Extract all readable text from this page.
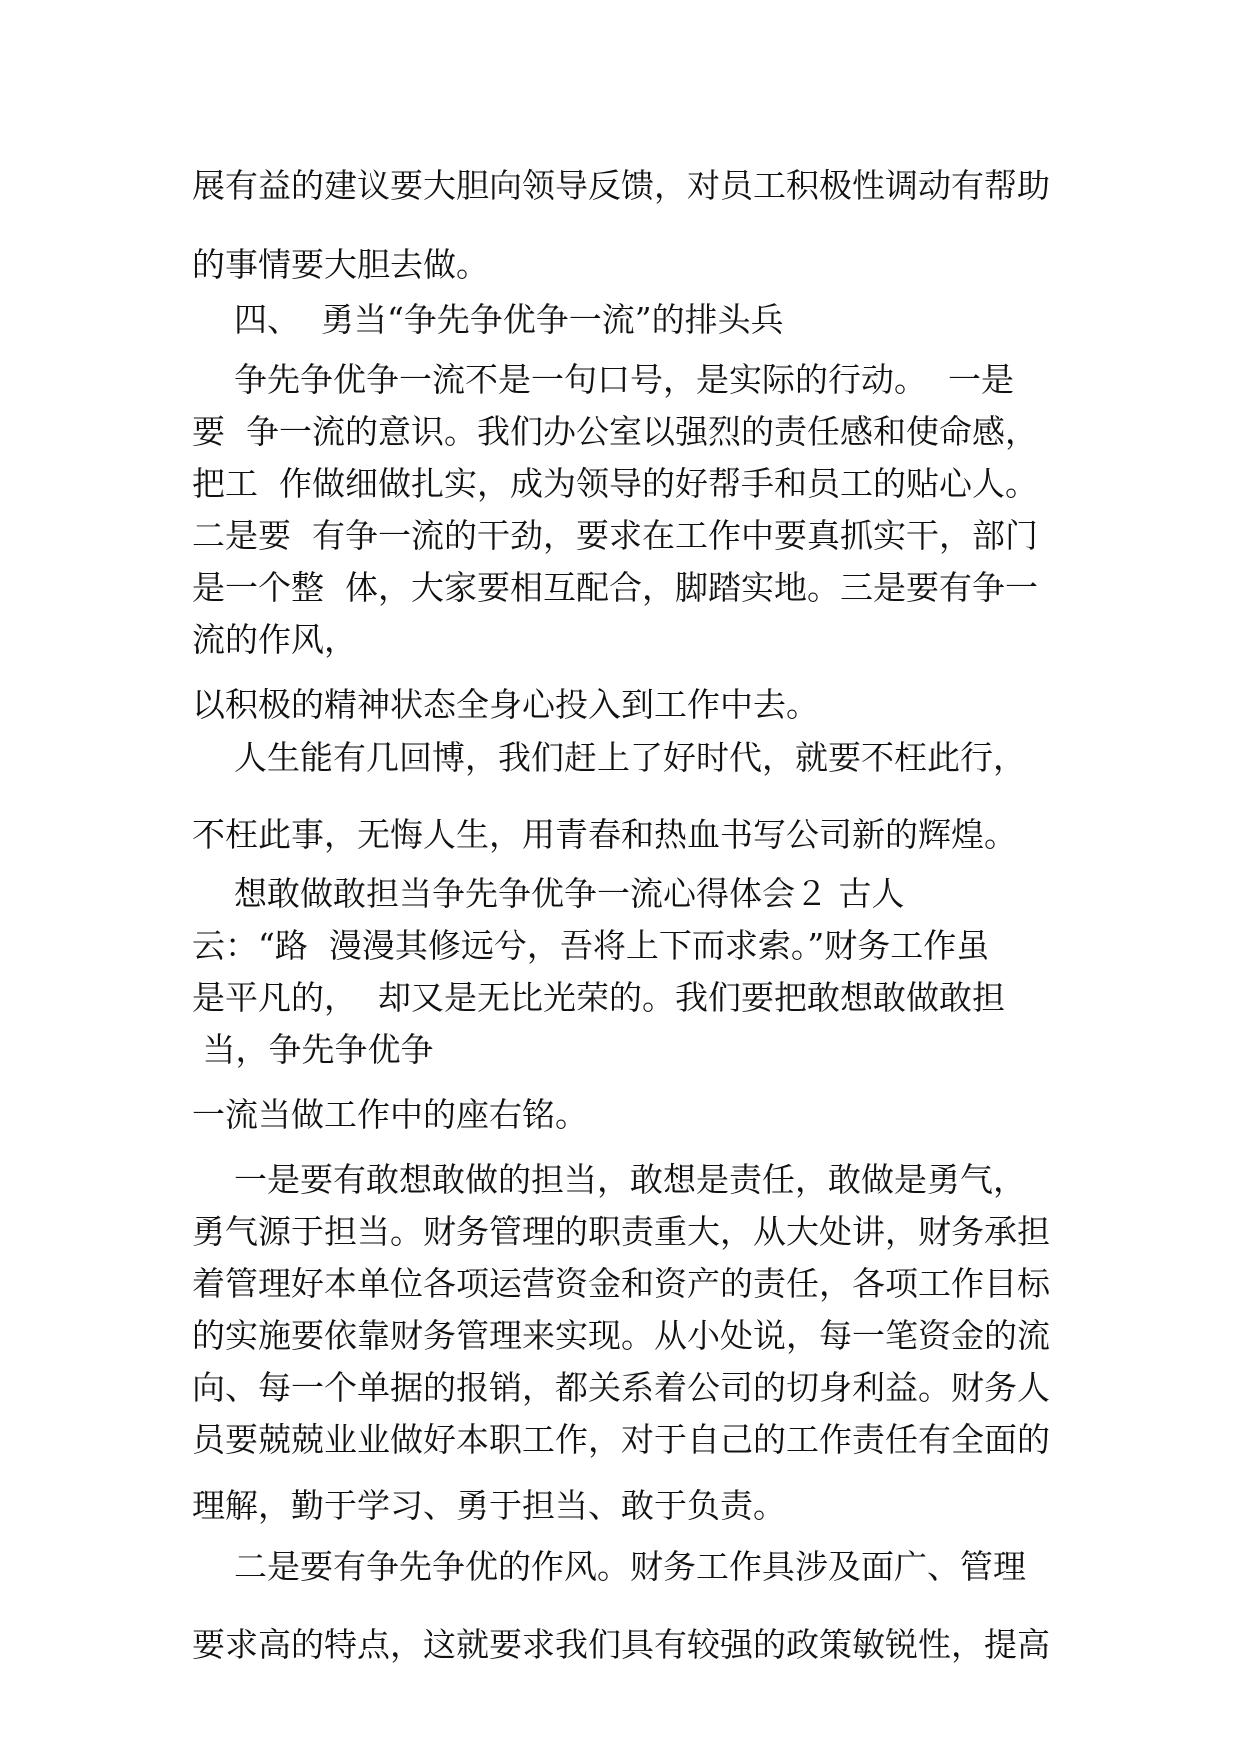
展有益的建议要大胆向领导反馈，对员工积极性调动有帮助
的事情要大胆去做。
四、  勇当“争先争优争一流”的排头兵
争先争优争一流不是一句口号，是实际的行动。  一是
要  争一流的意识。我们办公室以强烈的责任感和使命感，
把工  作做细做扎实，成为领导的好帮手和员工的贴心人。
二是要  有争一流的干劲，要求在工作中要真抓实干，部门
是一个整  体，大家要相互配合，脚踏实地。三是要有争一
流的作风，
以积极的精神状态全身心投入到工作中去。
人生能有几回博，我们赶上了好时代，就要不枉此行，
不枉此事，无悔人生，用青春和热血书写公司新的辉煌。
想敢做敢担当争先争优争一流心得体会２ 古人
云：“路  漫漫其修远兮，吾将上下而求索。”财务工作虽
是平凡的，  却又是无比光荣的。我们要把敢想敢做敢担
当，争先争优争
一流当做工作中的座右铭。
一是要有敢想敢做的担当，敢想是责任，敢做是勇气，
勇气源于担当。财务管理的职责重大，从大处讲，财务承担
着管理好本单位各项运营资金和资产的责任，各项工作目标
的实施要依靠财务管理来实现。从小处说，每一笔资金的流
向、每一个单据的报销，都关系着公司的切身利益。财务人
员要兢兢业业做好本职工作，对于自己的工作责任有全面的
理解，勤于学习、勇于担当、敢于负责。
二是要有争先争优的作风。财务工作具涉及面广、管理
要求高的特点，这就要求我们具有较强的政策敏锐性，提高
